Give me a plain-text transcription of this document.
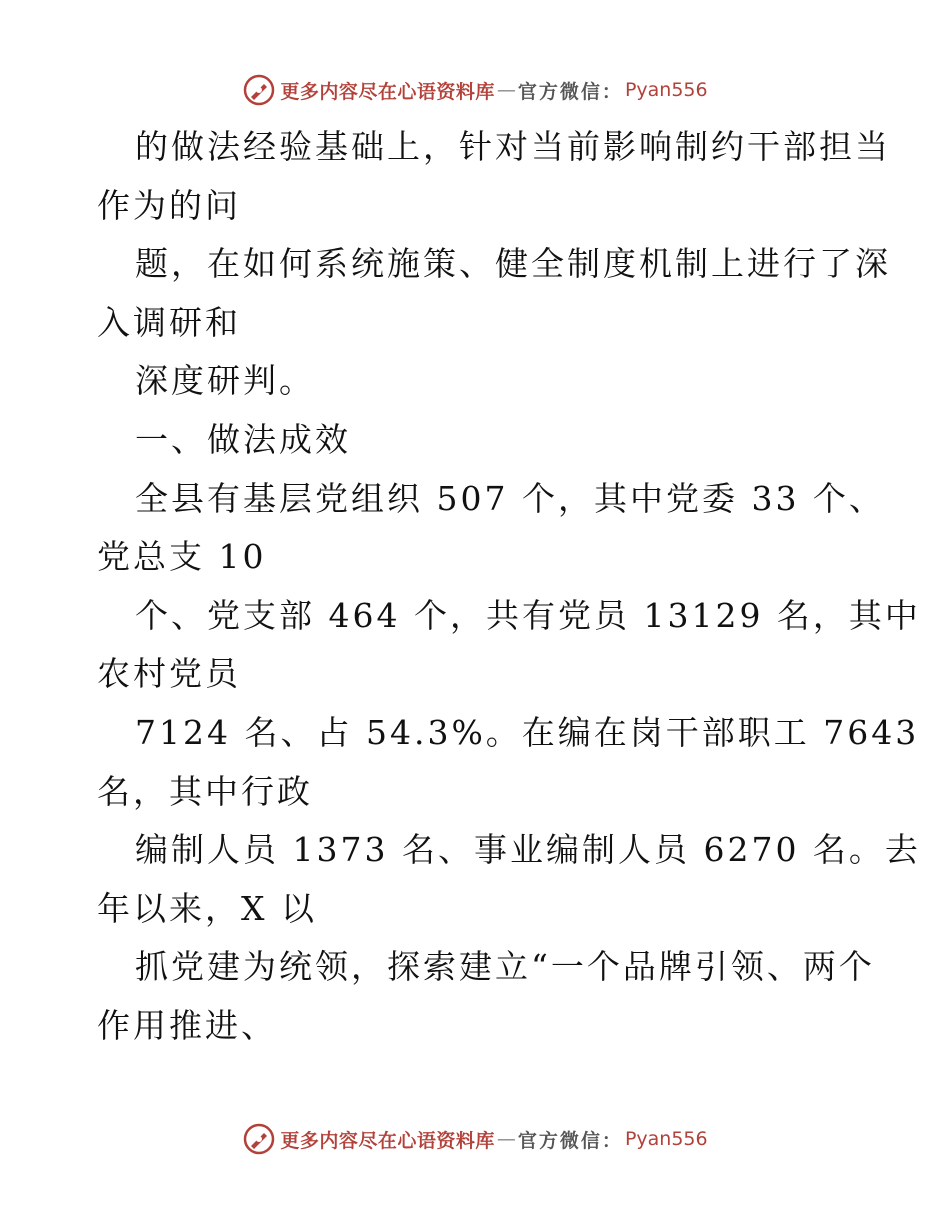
更多内容尽在心语资料库 — 官方微信： Pyan556
的做法经验基础上，针对当前影响制约干部担当
作为的问
题，在如何系统施策、健全制度机制上进行了深
入调研和
深度研判。
一、做法成效
全县有基层党组织 507 个，其中党委 33 个、
党总支 10
个、党支部 464 个，共有党员 13129 名，其中
农村党员
7124 名、占 54.3%。在编在岗干部职工 7643
名，其中行政
编制人员 1373 名、事业编制人员 6270 名。去
年以来，X 以
抓党建为统领，探索建立“一个品牌引领、两个
作用推进、
更多内容尽在心语资料库 — 官方微信： Pyan556
